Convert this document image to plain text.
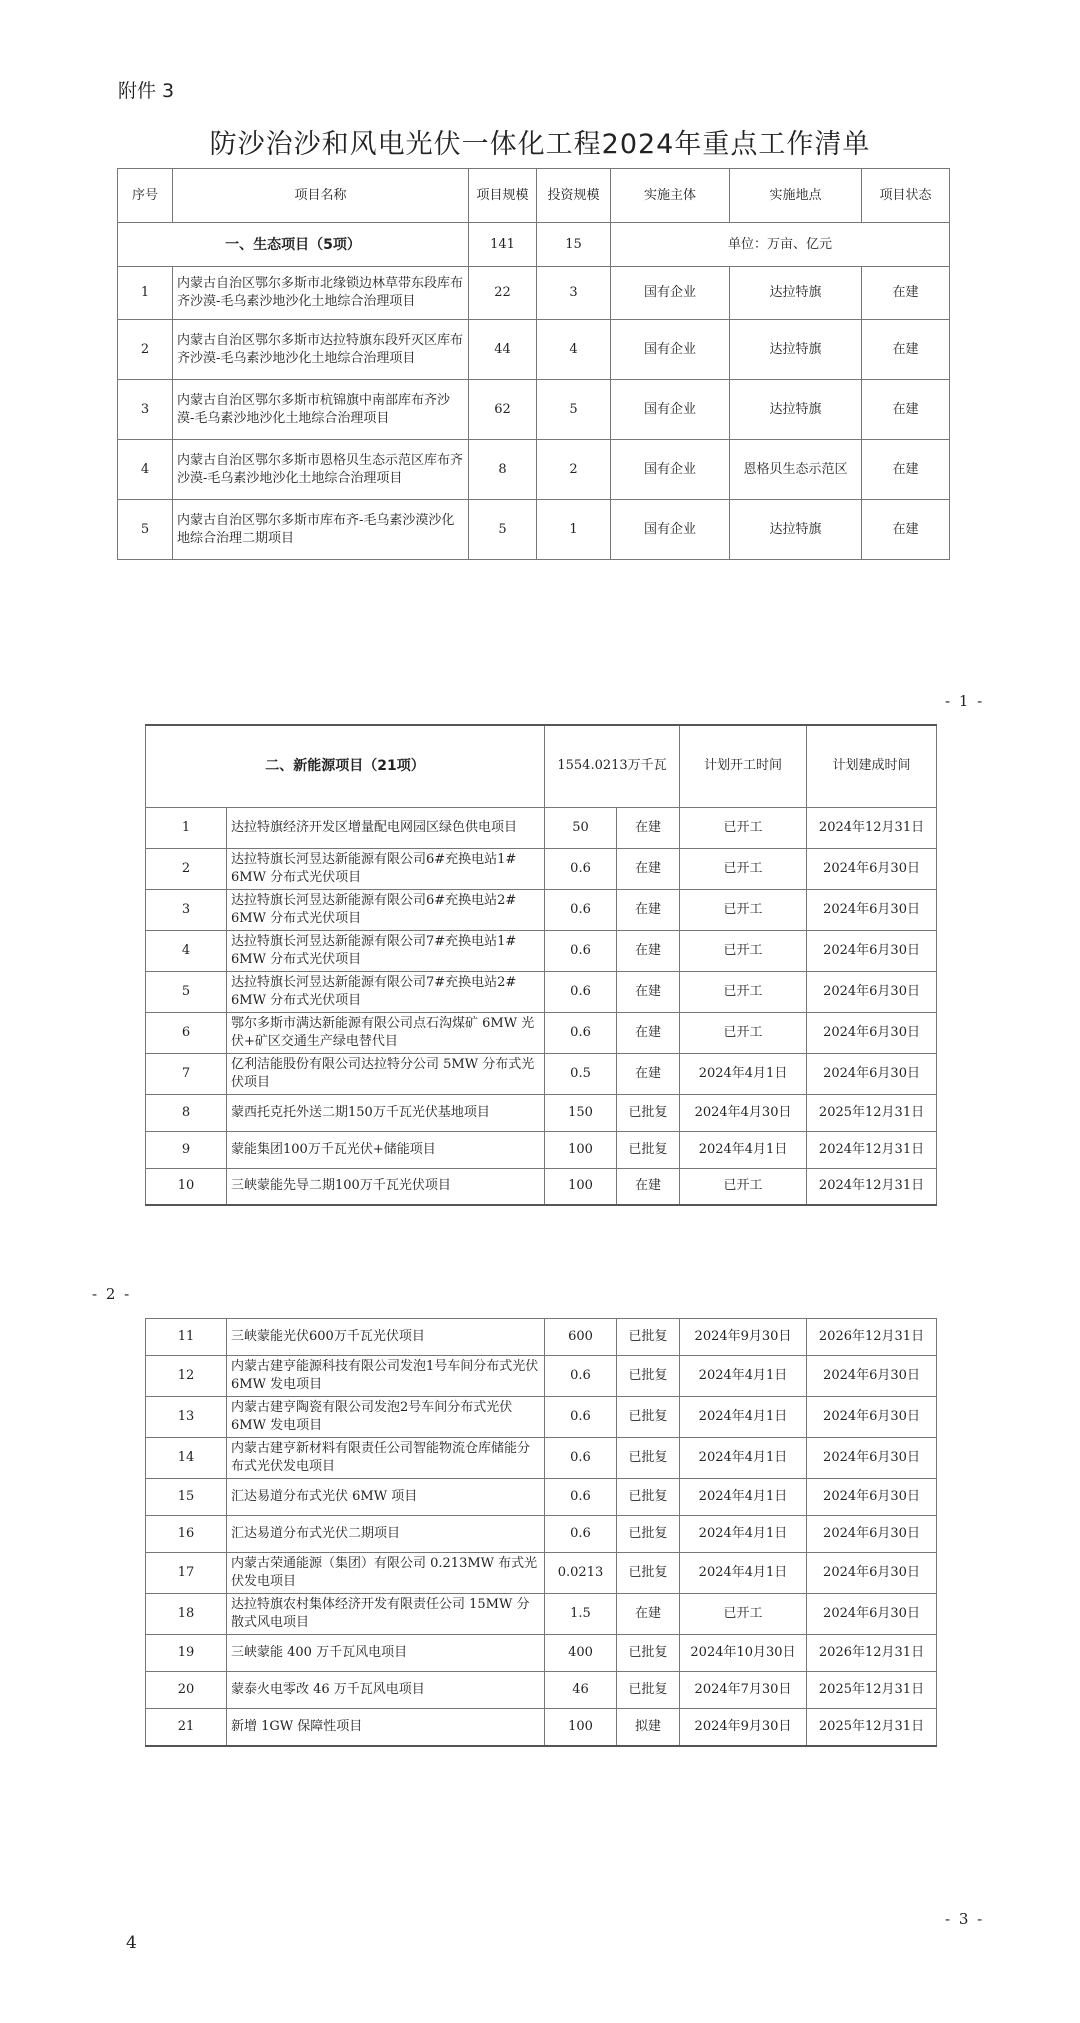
附件 3
防沙治沙和风电光伏一体化工程2024年重点工作清单
序号	项目名称	项目规模	投资规模	实施主体	实施地点	项目状态
一、生态项目（5项）		141	15	单位：万亩、亿元		
1	内蒙古自治区鄂尔多斯市北缘锁边林草带东段库布齐沙漠-毛乌素沙地沙化土地综合治理项目	22	3	国有企业	达拉特旗	在建
2	内蒙古自治区鄂尔多斯市达拉特旗东段歼灭区库布齐沙漠-毛乌素沙地沙化土地综合治理项目	44	4	国有企业	达拉特旗	在建
3	内蒙古自治区鄂尔多斯市杭锦旗中南部库布齐沙漠-毛乌素沙地沙化土地综合治理项目	62	5	国有企业	达拉特旗	在建
4	内蒙古自治区鄂尔多斯市恩格贝生态示范区库布齐沙漠-毛乌素沙地沙化土地综合治理项目	8	2	国有企业	恩格贝生态示范区	在建
5	内蒙古自治区鄂尔多斯市库布齐-毛乌素沙漠沙化地综合治理二期项目	5	1	国有企业	达拉特旗	在建
- 1 -
二、新能源项目（21项）		1554.0213万千瓦		计划开工时间	计划建成时间
1	达拉特旗经济开发区增量配电网园区绿色供电项目	50	在建	已开工	2024年12月31日
2	达拉特旗长河昱达新能源有限公司6#充换电站1# 6MW 分布式光伏项目	0.6	在建	已开工	2024年6月30日
3	达拉特旗长河昱达新能源有限公司6#充换电站2# 6MW 分布式光伏项目	0.6	在建	已开工	2024年6月30日
4	达拉特旗长河昱达新能源有限公司7#充换电站1# 6MW 分布式光伏项目	0.6	在建	已开工	2024年6月30日
5	达拉特旗长河昱达新能源有限公司7#充换电站2# 6MW 分布式光伏项目	0.6	在建	已开工	2024年6月30日
6	鄂尔多斯市满达新能源有限公司点石沟煤矿 6MW 光伏+矿区交通生产绿电替代目	0.6	在建	已开工	2024年6月30日
7	亿利洁能股份有限公司达拉特分公司 5MW 分布式光伏项目	0.5	在建	2024年4月1日	2024年6月30日
8	蒙西托克托外送二期150万千瓦光伏基地项目	150	已批复	2024年4月30日	2025年12月31日
9	蒙能集团100万千瓦光伏+储能项目	100	已批复	2024年4月1日	2024年12月31日
10	三峡蒙能先导二期100万千瓦光伏项目	100	在建	已开工	2024年12月31日
- 2 -
11	三峡蒙能光伏600万千瓦光伏项目	600	已批复	2024年9月30日	2026年12月31日
12	内蒙古建亨能源科技有限公司发泡1号车间分布式光伏 6MW 发电项目	0.6	已批复	2024年4月1日	2024年6月30日
13	内蒙古建亨陶瓷有限公司发泡2号车间分布式光伏 6MW 发电项目	0.6	已批复	2024年4月1日	2024年6月30日
14	内蒙古建亨新材料有限责任公司智能物流仓库储能分布式光伏发电项目	0.6	已批复	2024年4月1日	2024年6月30日
15	汇达易道分布式光伏 6MW 项目	0.6	已批复	2024年4月1日	2024年6月30日
16	汇达易道分布式光伏二期项目	0.6	已批复	2024年4月1日	2024年6月30日
17	内蒙古荣通能源（集团）有限公司 0.213MW 布式光伏发电项目	0.0213	已批复	2024年4月1日	2024年6月30日
18	达拉特旗农村集体经济开发有限责任公司 15MW 分散式风电项目	1.5	在建	已开工	2024年6月30日
19	三峡蒙能 400 万千瓦风电项目	400	已批复	2024年10月30日	2026年12月31日
20	蒙泰火电零改 46 万千瓦风电项目	46	已批复	2024年7月30日	2025年12月31日
21	新增 1GW 保障性项目	100	拟建	2024年9月30日	2025年12月31日
- 3 -
4
